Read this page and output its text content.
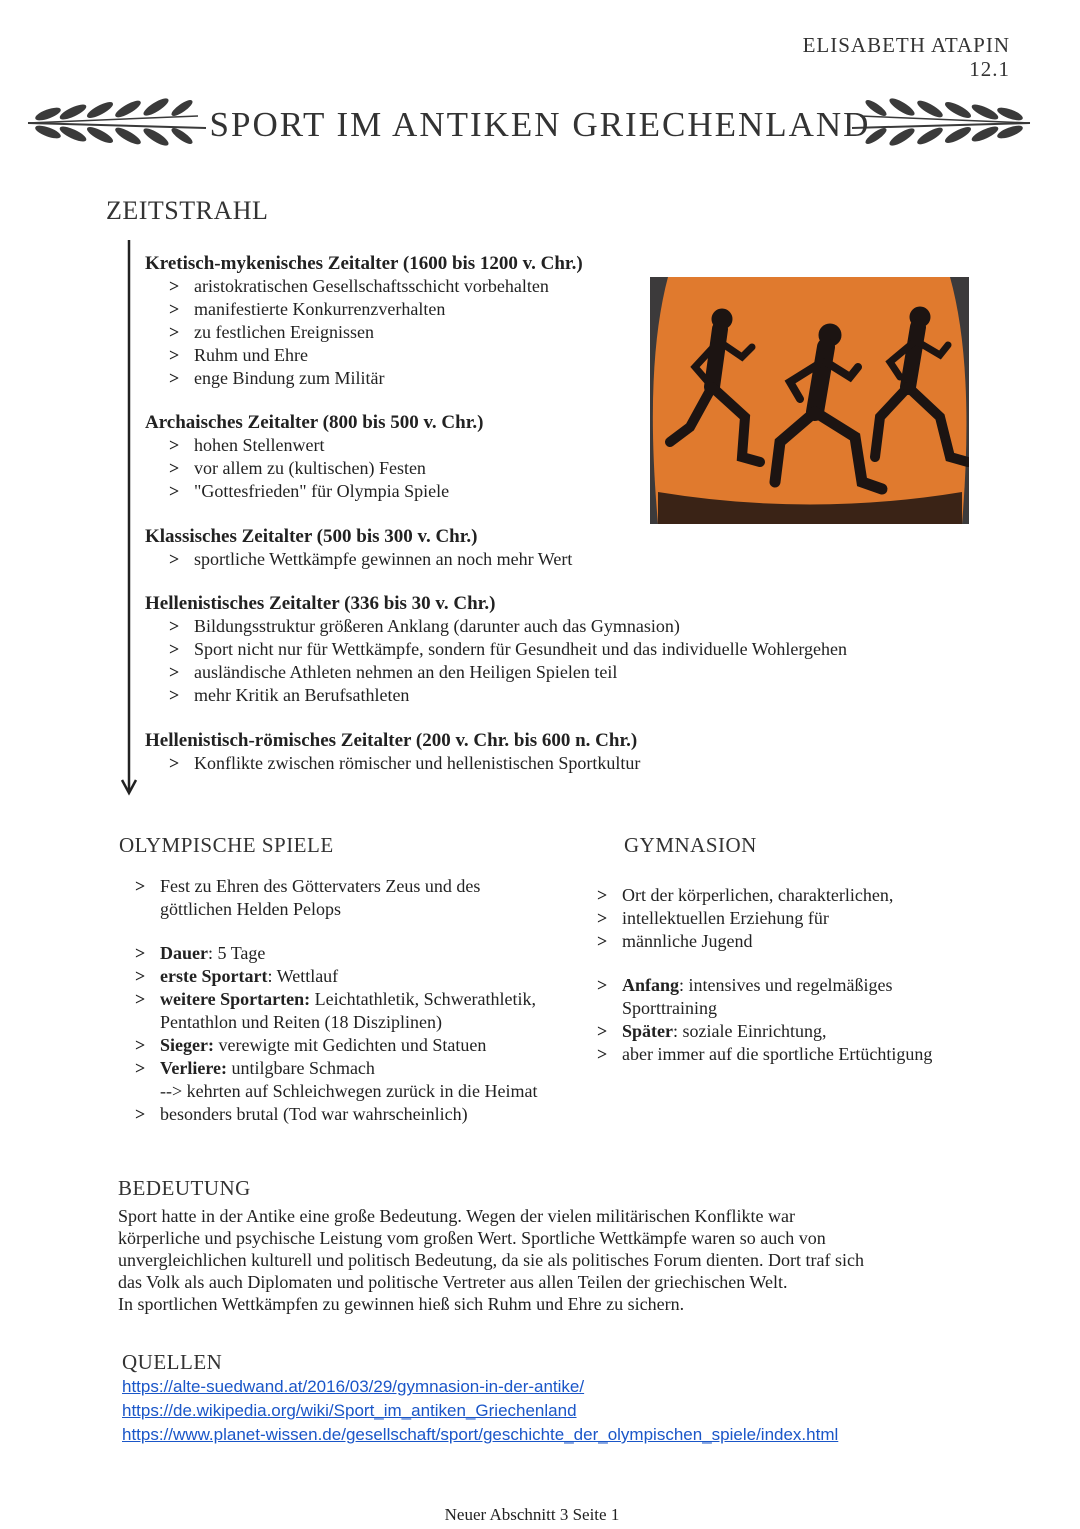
ELISABETH ATAPIN
12.1
SPORT IM ANTIKEN GRIECHENLAND
ZEITSTRAHL
Kretisch-mykenisches Zeitalter (1600 bis 1200 v. Chr.)
> aristokratischen Gesellschaftsschicht vorbehalten
> manifestierte Konkurrenzverhalten
> zu festlichen Ereignissen
> Ruhm und Ehre
> enge Bindung zum Militär
Archaisches Zeitalter (800 bis 500 v. Chr.)
> hohen Stellenwert
> vor allem zu (kultischen) Festen
> "Gottesfrieden" für Olympia Spiele
Klassisches Zeitalter (500 bis 300 v. Chr.)
> sportliche Wettkämpfe gewinnen an noch mehr Wert
Hellenistisches Zeitalter (336 bis 30 v. Chr.)
> Bildungsstruktur größeren Anklang (darunter auch das Gymnasion)
> Sport nicht nur für Wettkämpfe, sondern für Gesundheit und das individuelle Wohlergehen
> ausländische Athleten nehmen an den Heiligen Spielen teil
> mehr Kritik an Berufsathleten
Hellenistisch-römisches Zeitalter (200 v. Chr. bis 600 n. Chr.)
> Konflikte zwischen römischer und hellenistischen Sportkultur
OLYMPISCHE SPIELE
> Fest zu Ehren des Göttervaters Zeus und des
göttlichen Helden Pelops
> Dauer: 5 Tage
> erste Sportart: Wettlauf
> weitere Sportarten: Leichtathletik, Schwerathletik,
Pentathlon und Reiten (18 Disziplinen)
> Sieger: verewigte mit Gedichten und Statuen
> Verliere: untilgbare Schmach
--> kehrten auf Schleichwegen zurück in die Heimat
> besonders brutal (Tod war wahrscheinlich)
GYMNASION
> Ort der körperlichen, charakterlichen,
> intellektuellen Erziehung für
> männliche Jugend
> Anfang: intensives und regelmäßiges
Sporttraining
> Später: soziale Einrichtung,
> aber immer auf die sportliche Ertüchtigung
BEDEUTUNG
Sport hatte in der Antike eine große Bedeutung. Wegen der vielen militärischen Konflikte war
körperliche und psychische Leistung vom großen Wert. Sportliche Wettkämpfe waren so auch von
unvergleichlichen kulturell und politisch Bedeutung, da sie als politisches Forum dienten. Dort traf sich
das Volk als auch Diplomaten und politische Vertreter aus allen Teilen der griechischen Welt.
In sportlichen Wettkämpfen zu gewinnen hieß sich Ruhm und Ehre zu sichern.
QUELLEN
https://alte-suedwand.at/2016/03/29/gymnasion-in-der-antike/
https://de.wikipedia.org/wiki/Sport_im_antiken_Griechenland
https://www.planet-wissen.de/gesellschaft/sport/geschichte_der_olympischen_spiele/index.html
Neuer Abschnitt 3 Seite 1
